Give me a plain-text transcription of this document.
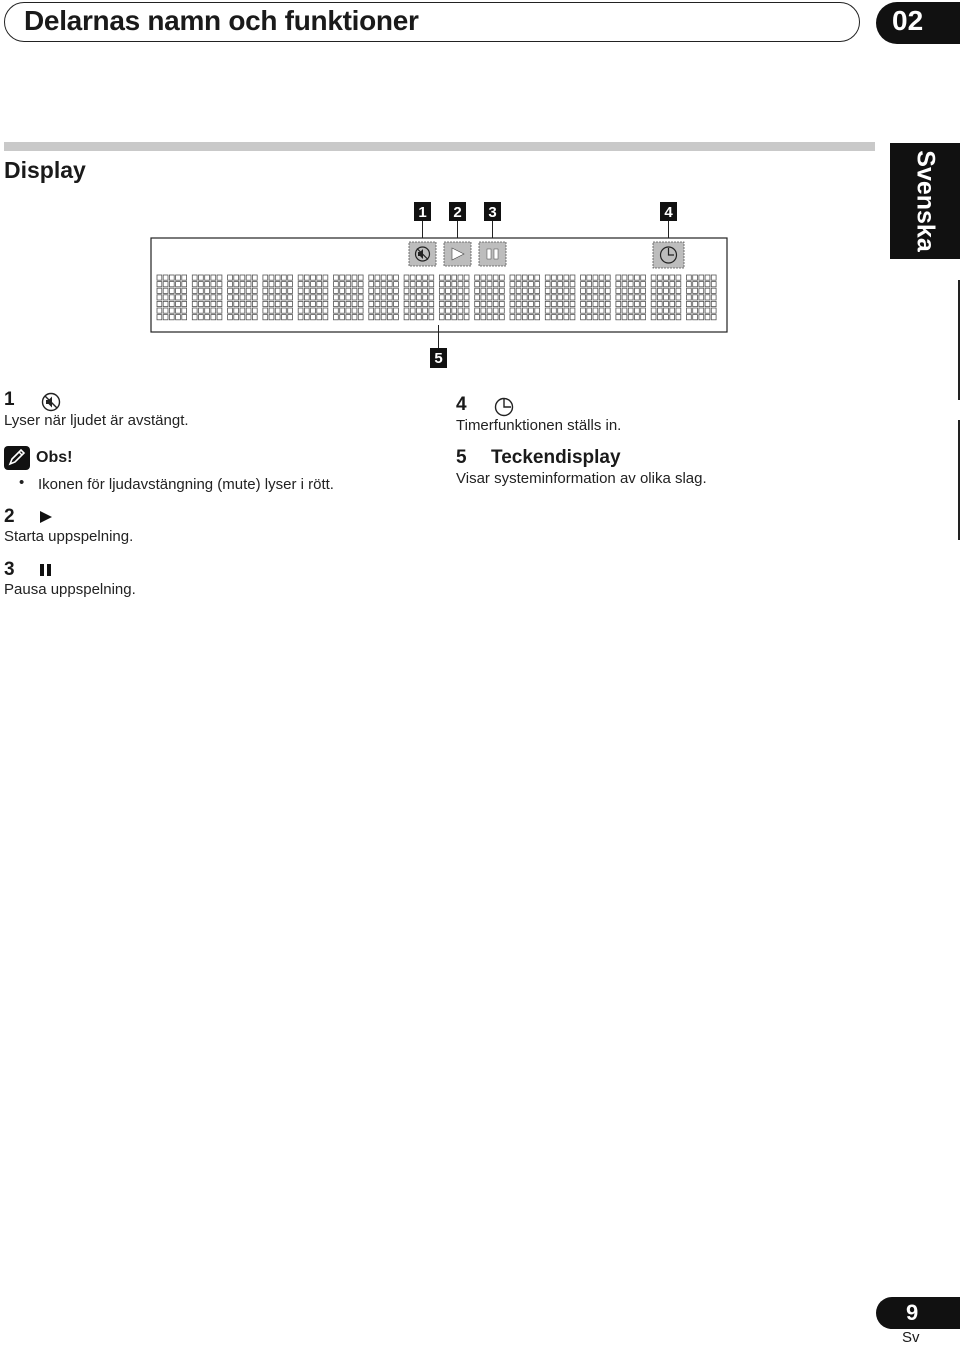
Delarnas namn och funktioner	02
Svenska
Display
1 2 3	4
5
1
Lyser när ljudet är avstängt.
Obs!
• Ikonen för ljudavstängning (mute) lyser i rött.
2
Starta uppspelning.
3
Pausa uppspelning.
4
Timerfunktionen ställs in.
5 Teckendisplay
Visar systeminformation av olika slag.
9
Sv
